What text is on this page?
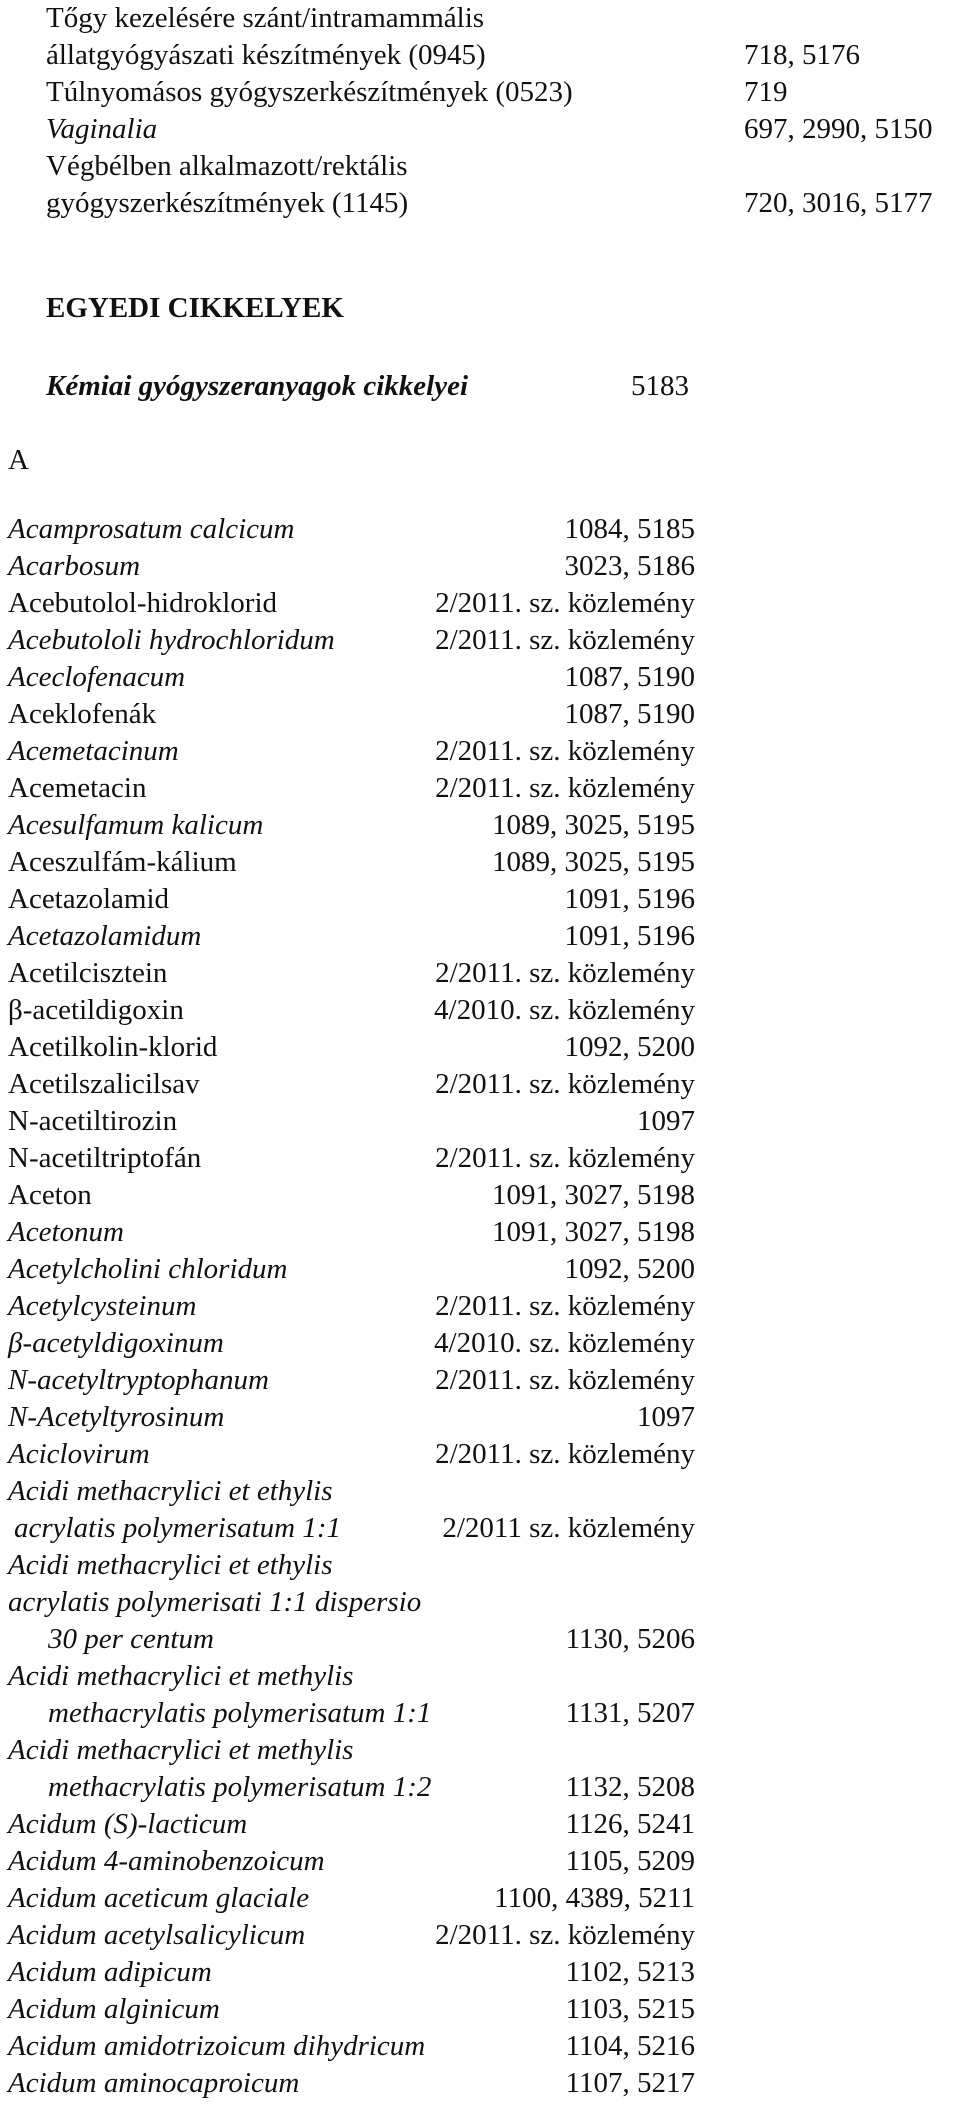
Tőgy kezelésére szánt/intramammális
állatgyógyászati készítmények (0945)	718, 5176
Túlnyomásos gyógyszerkészítmények (0523)	719
Vaginalia	697, 2990, 5150
Végbélben alkalmazott/rektális
gyógyszerkészítmények (1145)	720, 3016, 5177
EGYEDI CIKKELYEK
Kémiai gyógyszeranyagok cikkelyei	5183
A
Acamprosatum calcicum	1084, 5185
Acarbosum	3023, 5186
Acebutolol-hidroklorid	2/2011. sz. közlemény
Acebutololi hydrochloridum	2/2011. sz. közlemény
Aceclofenacum	1087, 5190
Aceklofenák	1087, 5190
Acemetacinum	2/2011. sz. közlemény
Acemetacin	2/2011. sz. közlemény
Acesulfamum kalicum	1089, 3025, 5195
Aceszulfám-kálium	1089, 3025, 5195
Acetazolamid	1091, 5196
Acetazolamidum	1091, 5196
Acetilcisztein	2/2011. sz. közlemény
β-acetildigoxin	4/2010. sz. közlemény
Acetilkolin-klorid	1092, 5200
Acetilszalicilsav	2/2011. sz. közlemény
N-acetiltirozin	1097
N-acetiltriptofán	2/2011. sz. közlemény
Aceton	1091, 3027, 5198
Acetonum	1091, 3027, 5198
Acetylcholini chloridum	1092, 5200
Acetylcysteinum	2/2011. sz. közlemény
β-acetyldigoxinum	4/2010. sz. közlemény
N-acetyltryptophanum	2/2011. sz. közlemény
N-Acetyltyrosinum	1097
Aciclovirum	2/2011. sz. közlemény
Acidi methacrylici et ethylis
acrylatis polymerisatum 1:1	2/2011 sz. közlemény
Acidi methacrylici et ethylis
acrylatis polymerisati 1:1 dispersio
30 per centum	1130, 5206
Acidi methacrylici et methylis
methacrylatis polymerisatum 1:1	1131, 5207
Acidi methacrylici et methylis
methacrylatis polymerisatum 1:2	1132, 5208
Acidum (S)-lacticum	1126, 5241
Acidum 4-aminobenzoicum	1105, 5209
Acidum aceticum glaciale	1100, 4389, 5211
Acidum acetylsalicylicum	2/2011. sz. közlemény
Acidum adipicum	1102, 5213
Acidum alginicum	1103, 5215
Acidum amidotrizoicum dihydricum	1104, 5216
Acidum aminocaproicum	1107, 5217
